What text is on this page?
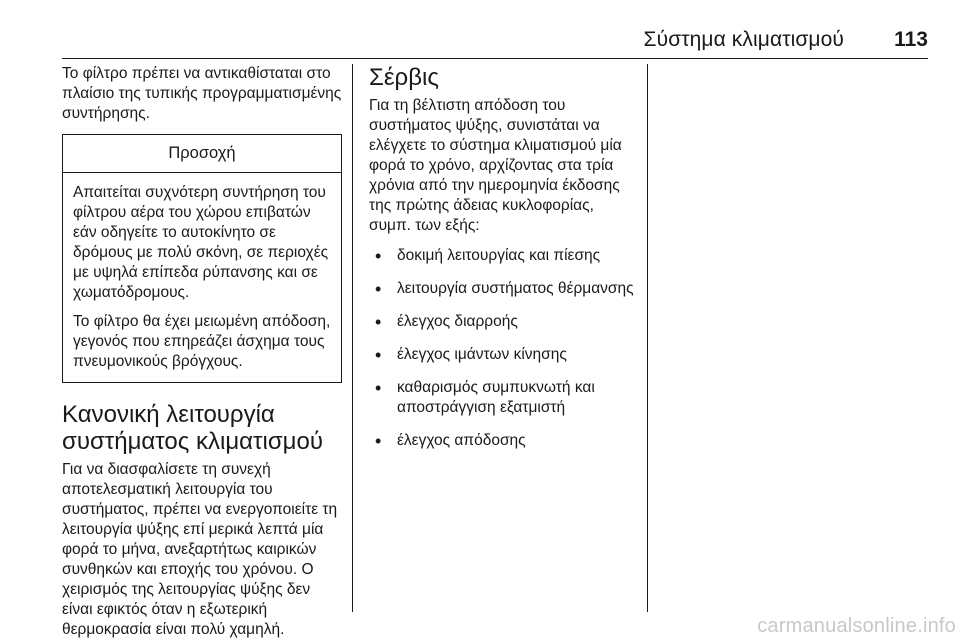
Σύστημα κλιματισμού 113

Το φίλτρο πρέπει να αντικαθίσταται στο πλαίσιο της τυπικής προγραμματισμένης συντήρησης.

Προσοχή

Απαιτείται συχνότερη συντήρηση του φίλτρου αέρα του χώρου επιβατών εάν οδηγείτε το αυτοκίνητο σε δρόμους με πολύ σκόνη, σε περιοχές με υψηλά επίπεδα ρύπανσης και σε χωματόδρομους.

Το φίλτρο θα έχει μειωμένη απόδοση, γεγονός που επηρεάζει άσχημα τους πνευμονικούς βρόγχους.

Κανονική λειτουργία συστήματος κλιματισμού

Για να διασφαλίσετε τη συνεχή αποτελεσματική λειτουργία του συστήματος, πρέπει να ενεργοποιείτε τη λειτουργία ψύξης επί μερικά λεπτά μία φορά το μήνα, ανεξαρτήτως καιρικών συνθηκών και εποχής του χρόνου. Ο χειρισμός της λειτουργίας ψύξης δεν είναι εφικτός όταν η εξωτερική θερμοκρασία είναι πολύ χαμηλή.

Σέρβις

Για τη βέλτιστη απόδοση του συστήματος ψύξης, συνιστάται να ελέγχετε το σύστημα κλιματισμού μία φορά το χρόνο, αρχίζοντας στα τρία χρόνια από την ημερομηνία έκδοσης της πρώτης άδειας κυκλοφορίας, συμπ. των εξής:

• δοκιμή λειτουργίας και πίεσης
• λειτουργία συστήματος θέρμανσης
• έλεγχος διαρροής
• έλεγχος ιμάντων κίνησης
• καθαρισμός συμπυκνωτή και αποστράγγιση εξατμιστή
• έλεγχος απόδοσης
carmanualsonline.info
